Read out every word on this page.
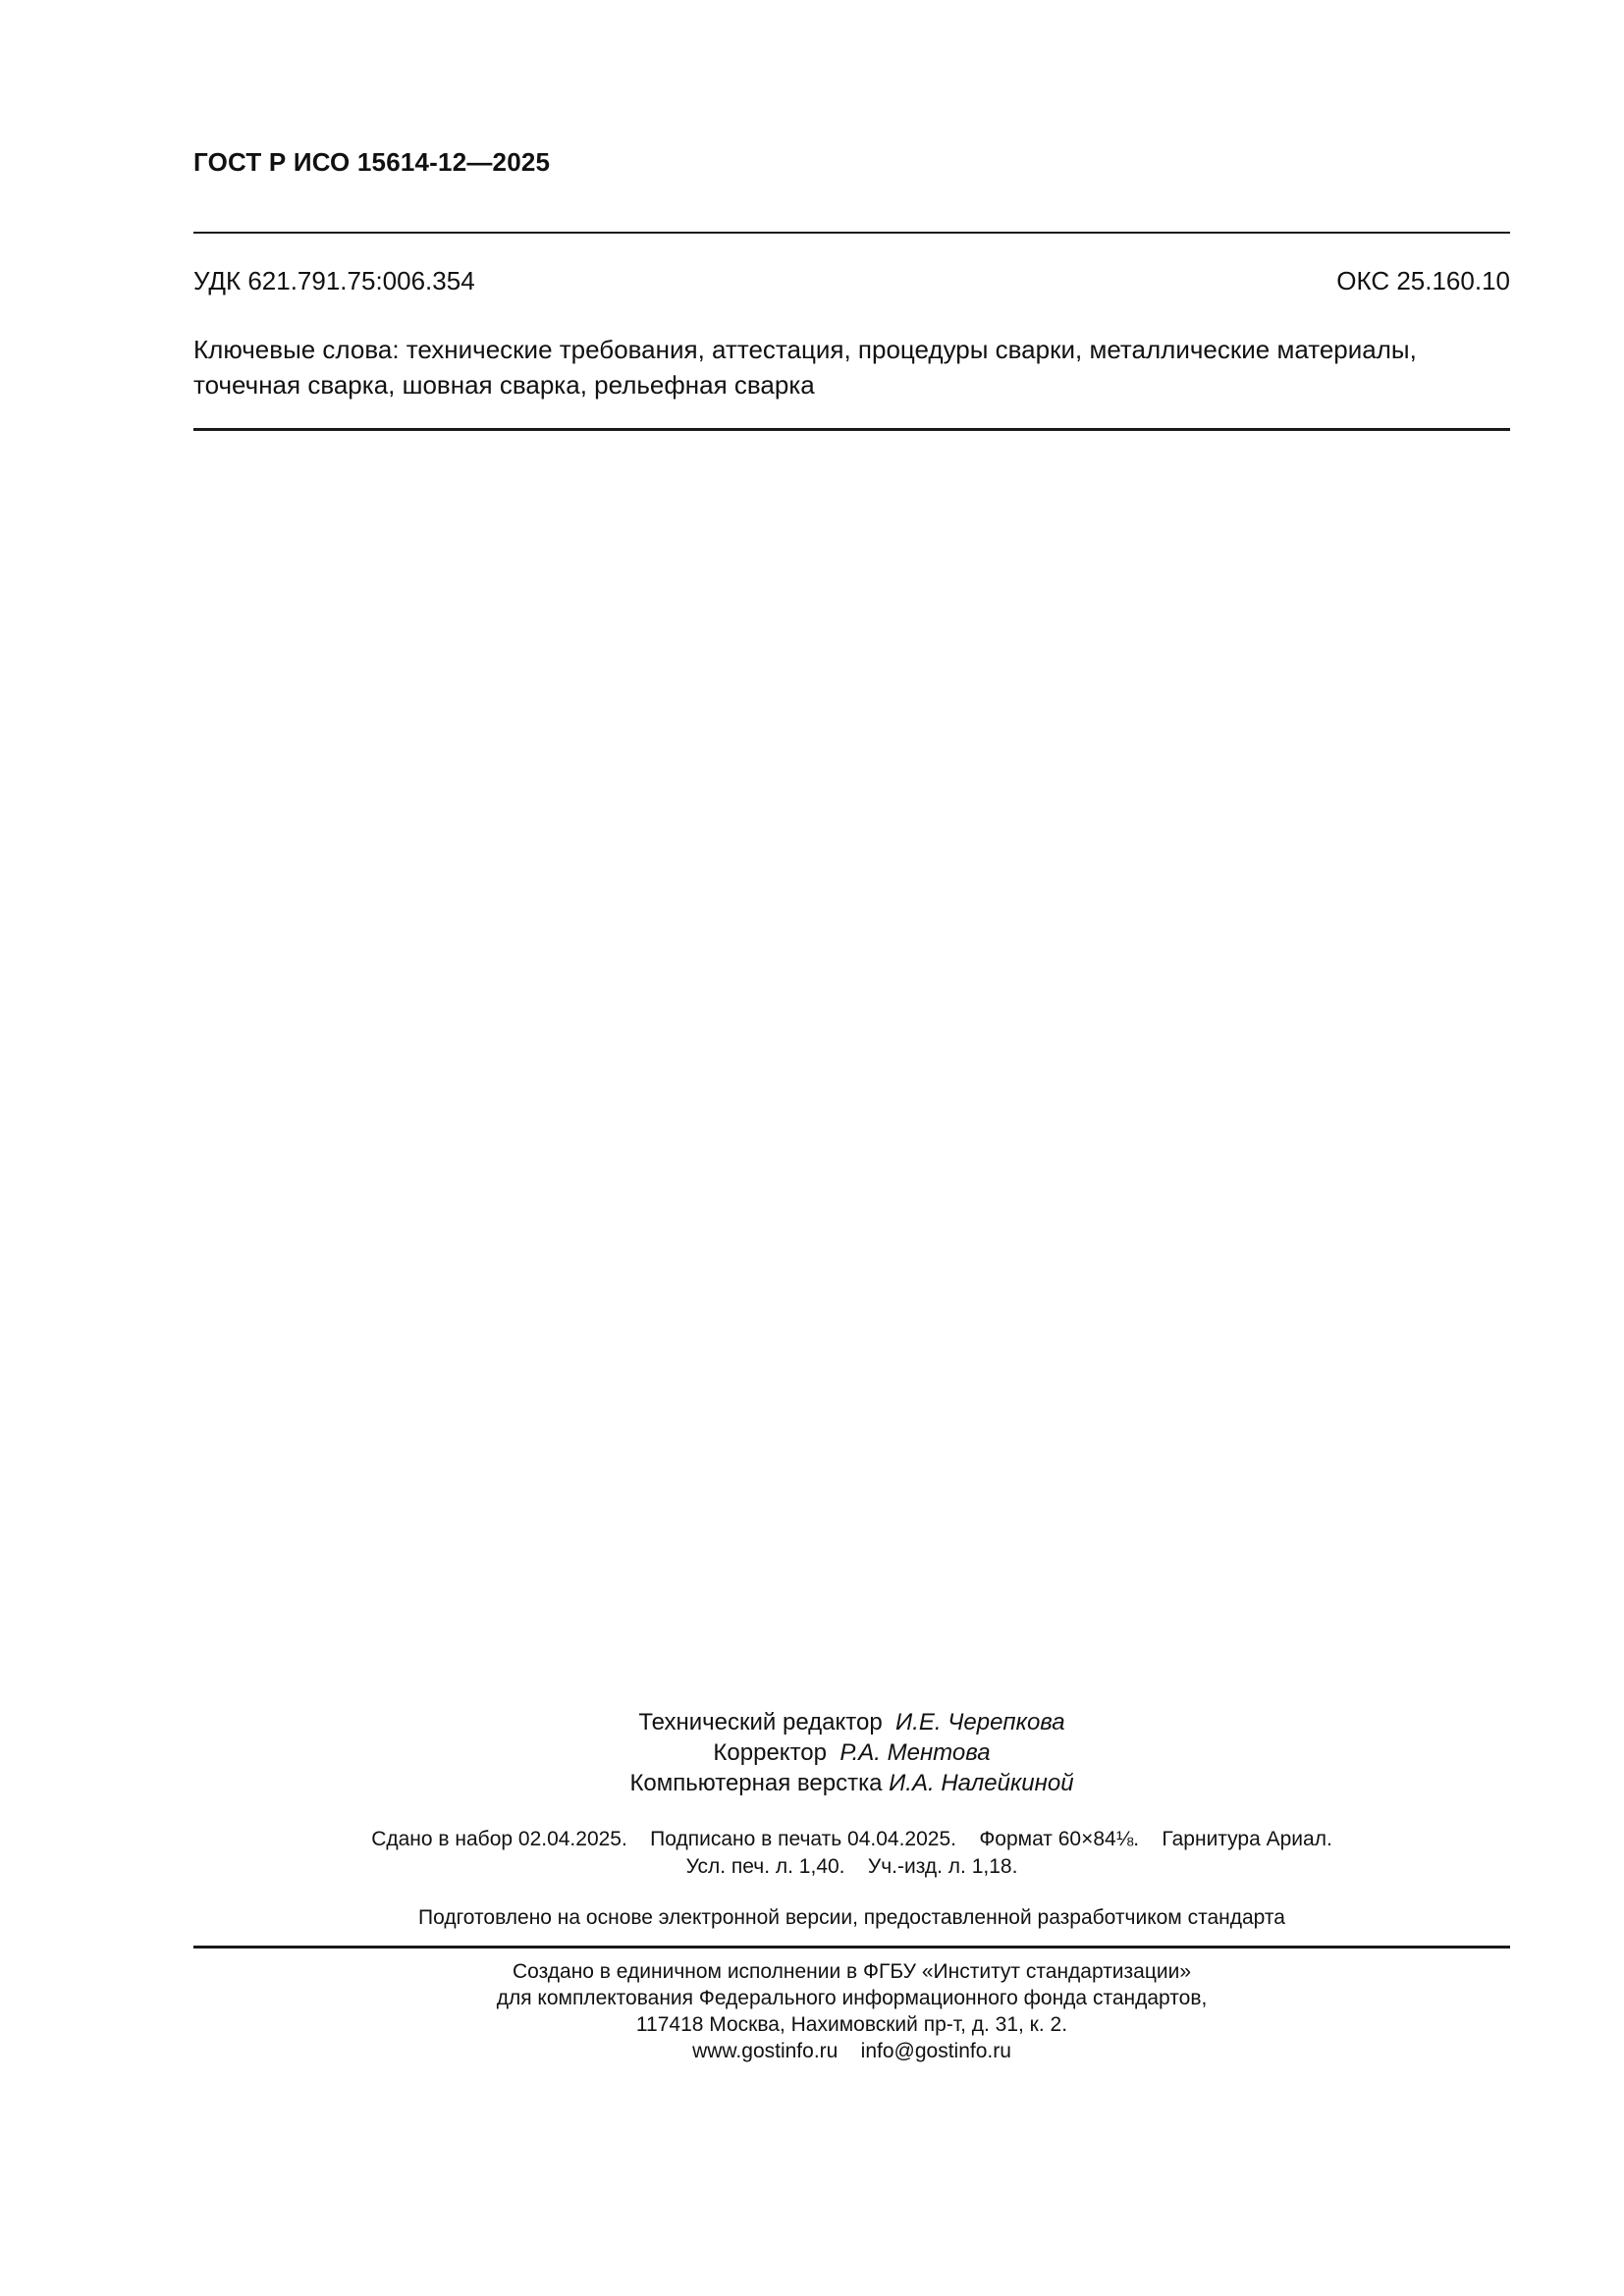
ГОСТ Р ИСО 15614-12—2025
УДК 621.791.75:006.354	ОКС 25.160.10
Ключевые слова: технические требования, аттестация, процедуры сварки, металлические материалы,
точечная сварка, шовная сварка, рельефная сварка
Технический редактор И.Е. Черепкова
Корректор Р.А. Ментова
Компьютерная верстка И.А. Налейкиной
Сдано в набор 02.04.2025. Подписано в печать 04.04.2025. Формат 60×84⅛. Гарнитура Ариал.
Усл. печ. л. 1,40. Уч.-изд. л. 1,18.
Подготовлено на основе электронной версии, предоставленной разработчиком стандарта
Создано в единичном исполнении в ФГБУ «Институт стандартизации»
для комплектования Федерального информационного фонда стандартов,
117418 Москва, Нахимовский пр-т, д. 31, к. 2.
www.gostinfo.ru info@gostinfo.ru
